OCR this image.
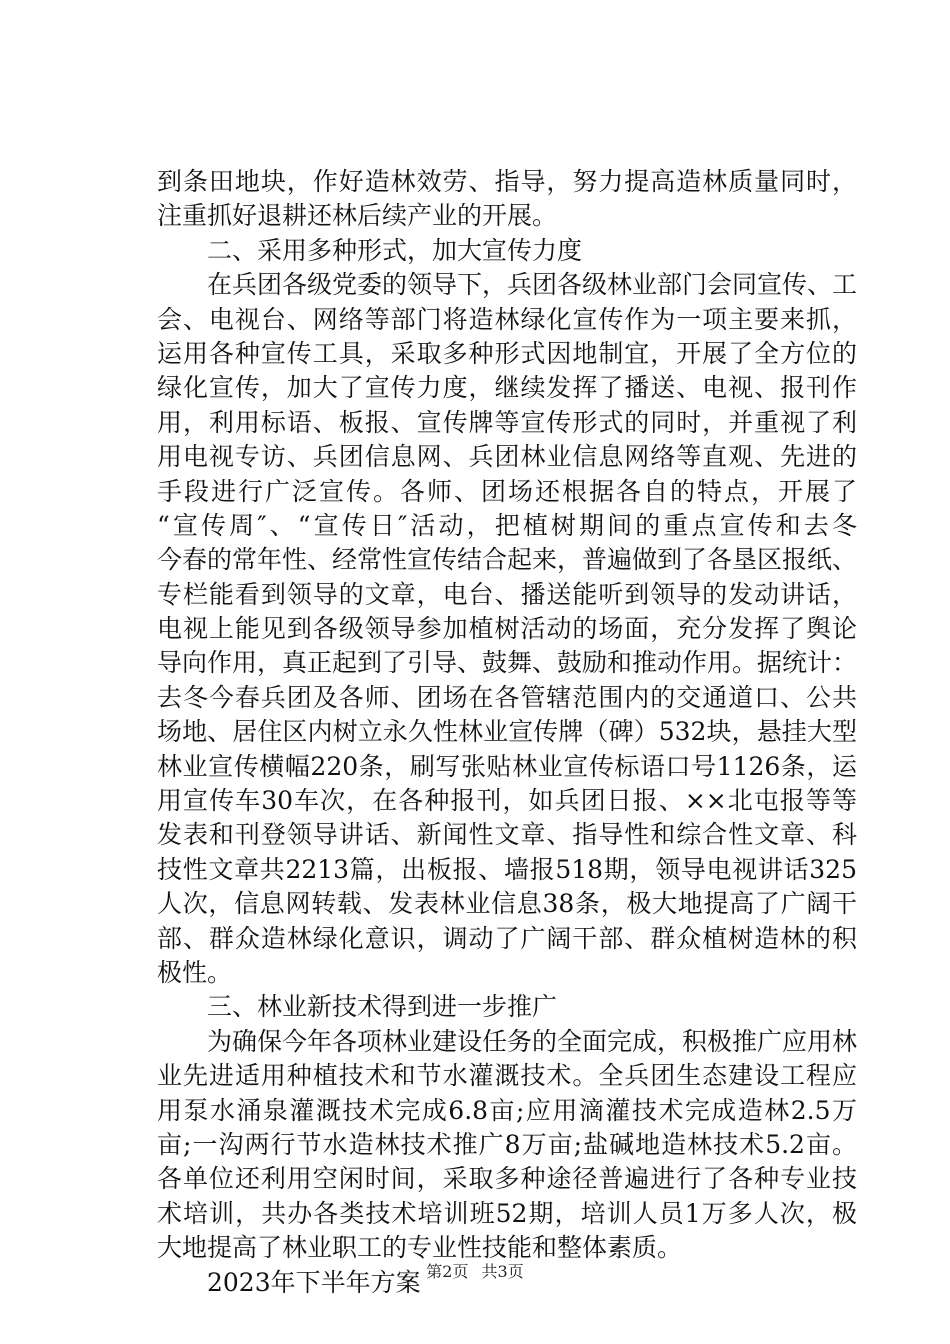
到条田地块，作好造林效劳、指导，努力提高造林质量同时，
注重抓好退耕还林后续产业的开展。
二、采用多种形式，加大宣传力度
在兵团各级党委的领导下，兵团各级林业部门会同宣传、工
会、电视台、网络等部门将造林绿化宣传作为一项主要来抓，
运用各种宣传工具，采取多种形式因地制宜，开展了全方位的
绿化宣传，加大了宣传力度，继续发挥了播送、电视、报刊作
用，利用标语、板报、宣传牌等宣传形式的同时，并重视了利
用电视专访、兵团信息网、兵团林业信息网络等直观、先进的
手段进行广泛宣传。各师、团场还根据各自的特点，开展了
“宣传周″、“宣传日″活动，把植树期间的重点宣传和去冬
今春的常年性、经常性宣传结合起来，普遍做到了各垦区报纸、
专栏能看到领导的文章，电台、播送能听到领导的发动讲话，
电视上能见到各级领导参加植树活动的场面，充分发挥了舆论
导向作用，真正起到了引导、鼓舞、鼓励和推动作用。据统计：
去冬今春兵团及各师、团场在各管辖范围内的交通道口、公共
场地、居住区内树立永久性林业宣传牌（碑）532块，悬挂大型
林业宣传横幅220条，刷写张贴林业宣传标语口号1126条，运
用宣传车30车次，在各种报刊，如兵团日报、××北屯报等等
发表和刊登领导讲话、新闻性文章、指导性和综合性文章、科
技性文章共2213篇，出板报、墙报518期，领导电视讲话325
人次，信息网转载、发表林业信息38条，极大地提高了广阔干
部、群众造林绿化意识，调动了广阔干部、群众植树造林的积
极性。
三、林业新技术得到进一步推广
为确保今年各项林业建设任务的全面完成，积极推广应用林
业先进适用种植技术和节水灌溉技术。全兵团生态建设工程应
用泵水涌泉灌溉技术完成6.8亩;应用滴灌技术完成造林2.5万
亩;一沟两行节水造林技术推广8万亩;盐碱地造林技术5.2亩。
各单位还利用空闲时间，采取多种途径普遍进行了各种专业技
术培训，共办各类技术培训班52期，培训人员1万多人次，极
大地提高了林业职工的专业性技能和整体素质。
2023年下半年方案 第2页 共3页
